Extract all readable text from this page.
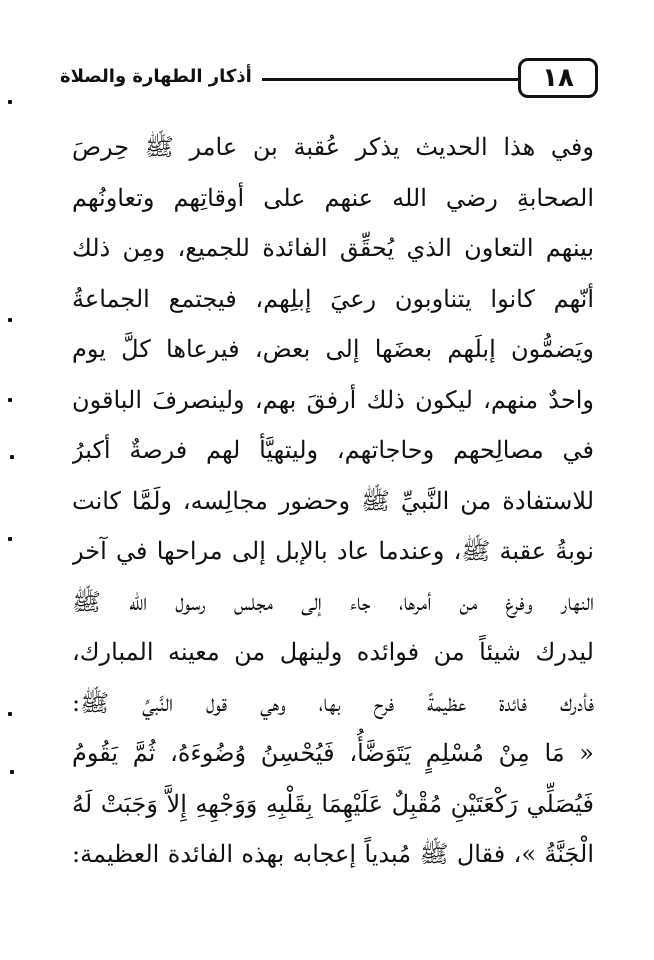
أذكار الطهارة والصلاة	١٨
وفي هذا الحديث يذكر عُقبة بن عامر ﷺ حِرصَ
الصحابةِ رضي الله عنهم على أوقاتِهم وتعاونُهم
بينهم التعاون الذي يُحقِّق الفائدة للجميع، ومِن ذلك
أنّهم كانوا يتناوبون رعيَ إبلِهم، فيجتمع الجماعةُ
ويَضمُّون إبلَهم بعضَها إلى بعض، فيرعاها كلَّ يوم
واحدٌ منهم، ليكون ذلك أرفقَ بهم، ولينصرفَ الباقون
في مصالِحهم وحاجاتهم، وليتهيَّأ لهم فرصةٌ أكبرُ
للاستفادة من النَّبيِّ ﷺ وحضور مجالِسه، ولَمَّا كانت
نوبةُ عقبة ﷺ، وعندما عاد بالإبل إلى مراحها في آخر
النهار وفرغ من أمرها، جاء إلى مجلس رسول الله ﷺ
ليدرك شيئاً من فوائده ولينهل من معينه المبارك،
فأدرك فائدة عظيمةً فرح بها، وهي قول النَّبيِّ ﷺ:
« مَا مِنْ مُسْلِمٍ يَتَوَضَّأُ، فَيُحْسِنُ وُضُوءَهُ، ثُمَّ يَقُومُ
فَيُصَلِّي رَكْعَتَيْنِ مُقْبِلٌ عَلَيْهِمَا بِقَلْبِهِ وَوَجْهِهِ إِلاَّ وَجَبَتْ لَهُ
الْجَنَّةُ »، فقال ﷺ مُبدياً إعجابه بهذه الفائدة العظيمة:
